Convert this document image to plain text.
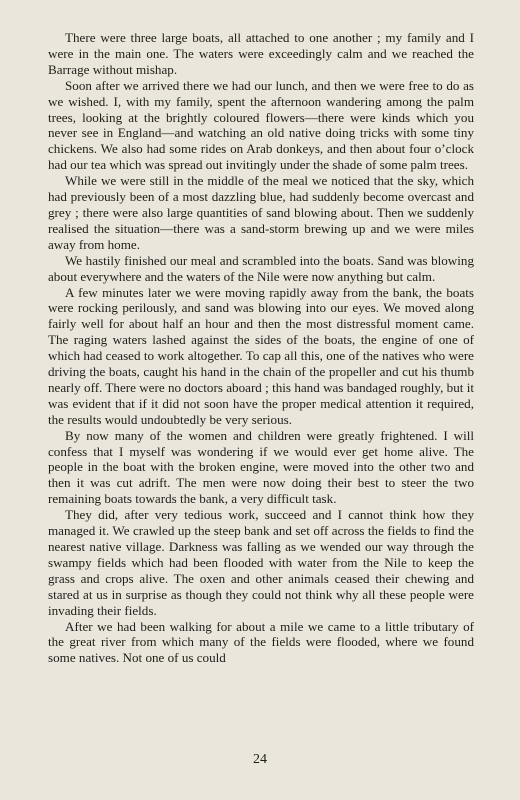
There were three large boats, all attached to one another ; my family and I were in the main one. The waters were exceedingly calm and we reached the Barrage without mishap.

Soon after we arrived there we had our lunch, and then we were free to do as we wished. I, with my family, spent the afternoon wandering among the palm trees, looking at the brightly coloured flowers—there were kinds which you never see in England—and watching an old native doing tricks with some tiny chickens. We also had some rides on Arab donkeys, and then about four o’clock had our tea which was spread out invitingly under the shade of some palm trees.

While we were still in the middle of the meal we noticed that the sky, which had previously been of a most dazzling blue, had suddenly become overcast and grey ; there were also large quantities of sand blowing about. Then we suddenly realised the situation—there was a sand-storm brewing up and we were miles away from home.

We hastily finished our meal and scrambled into the boats. Sand was blowing about everywhere and the waters of the Nile were now anything but calm.

A few minutes later we were moving rapidly away from the bank, the boats were rocking perilously, and sand was blowing into our eyes. We moved along fairly well for about half an hour and then the most distressful moment came. The raging waters lashed against the sides of the boats, the engine of one of which had ceased to work altogether. To cap all this, one of the natives who were driving the boats, caught his hand in the chain of the propeller and cut his thumb nearly off. There were no doctors aboard ; this hand was bandaged roughly, but it was evident that if it did not soon have the proper medical attention it required, the results would undoubtedly be very serious.

By now many of the women and children were greatly frightened. I will confess that I myself was wondering if we would ever get home alive. The people in the boat with the broken engine, were moved into the other two and then it was cut adrift. The men were now doing their best to steer the two remaining boats towards the bank, a very difficult task.

They did, after very tedious work, succeed and I cannot think how they managed it. We crawled up the steep bank and set off across the fields to find the nearest native village. Darkness was falling as we wended our way through the swampy fields which had been flooded with water from the Nile to keep the grass and crops alive. The oxen and other animals ceased their chewing and stared at us in surprise as though they could not think why all these people were invading their fields.

After we had been walking for about a mile we came to a little tributary of the great river from which many of the fields were flooded, where we found some natives. Not one of us could

24
